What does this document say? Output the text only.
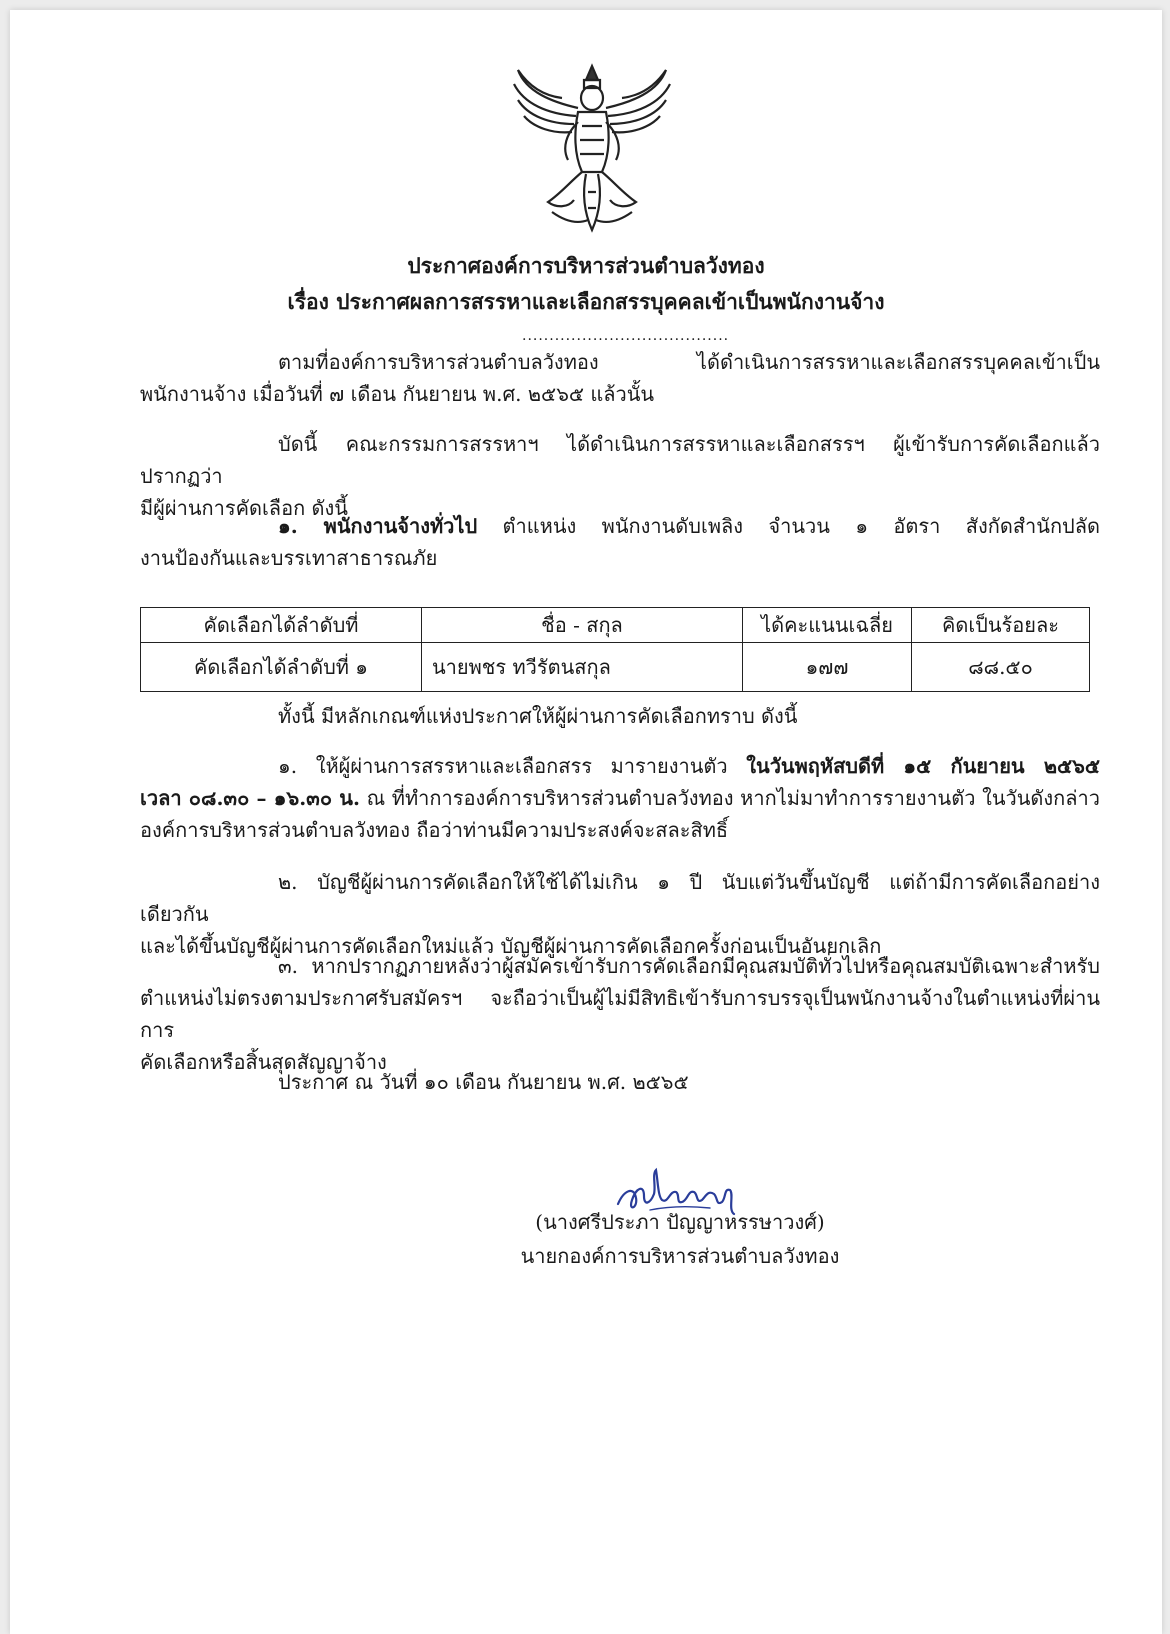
ประกาศองค์การบริหารส่วนตำบลวังทอง
เรื่อง ประกาศผลการสรรหาและเลือกสรรบุคคลเข้าเป็นพนักงานจ้าง
......................................
ตามที่องค์การบริหารส่วนตำบลวังทอง ได้ดำเนินการสรรหาและเลือกสรรบุคคลเข้าเป็น
พนักงานจ้าง เมื่อวันที่ ๗ เดือน กันยายน พ.ศ. ๒๕๖๕ แล้วนั้น
บัดนี้ คณะกรรมการสรรหาฯ ได้ดำเนินการสรรหาและเลือกสรรฯ ผู้เข้ารับการคัดเลือกแล้ว ปรากฏว่า
มีผู้ผ่านการคัดเลือก ดังนี้
๑. พนักงานจ้างทั่วไป ตำแหน่ง พนักงานดับเพลิง จำนวน ๑ อัตรา สังกัดสำนักปลัด
งานป้องกันและบรรเทาสาธารณภัย
คัดเลือกได้ลำดับที่	ชื่อ - สกุล	ได้คะแนนเฉลี่ย	คิดเป็นร้อยละ
คัดเลือกได้ลำดับที่ ๑	นายพชร ทวีรัตนสกุล	๑๗๗	๘๘.๕๐
ทั้งนี้ มีหลักเกณฑ์แห่งประกาศให้ผู้ผ่านการคัดเลือกทราบ ดังนี้
๑. ให้ผู้ผ่านการสรรหาและเลือกสรร มารายงานตัว ในวันพฤหัสบดีที่ ๑๕ กันยายน ๒๕๖๕
เวลา ๐๘.๓๐ – ๑๖.๓๐ น. ณ ที่ทำการองค์การบริหารส่วนตำบลวังทอง หากไม่มาทำการรายงานตัว ในวันดังกล่าว
องค์การบริหารส่วนตำบลวังทอง ถือว่าท่านมีความประสงค์จะสละสิทธิ์
๒. บัญชีผู้ผ่านการคัดเลือกให้ใช้ได้ไม่เกิน ๑ ปี นับแต่วันขึ้นบัญชี แต่ถ้ามีการคัดเลือกอย่างเดียวกัน
และได้ขึ้นบัญชีผู้ผ่านการคัดเลือกใหม่แล้ว บัญชีผู้ผ่านการคัดเลือกครั้งก่อนเป็นอันยกเลิก
๓. หากปรากฏภายหลังว่าผู้สมัครเข้ารับการคัดเลือกมีคุณสมบัติทั่วไปหรือคุณสมบัติเฉพาะสำหรับ
ตำแหน่งไม่ตรงตามประกาศรับสมัครฯ จะถือว่าเป็นผู้ไม่มีสิทธิเข้ารับการบรรจุเป็นพนักงานจ้างในตำแหน่งที่ผ่านการ
คัดเลือกหรือสิ้นสุดสัญญาจ้าง
ประกาศ ณ วันที่ ๑๐ เดือน กันยายน พ.ศ. ๒๕๖๕
(นางศรีประภา ปัญญาหรรษาวงศ์)
นายกองค์การบริหารส่วนตำบลวังทอง
